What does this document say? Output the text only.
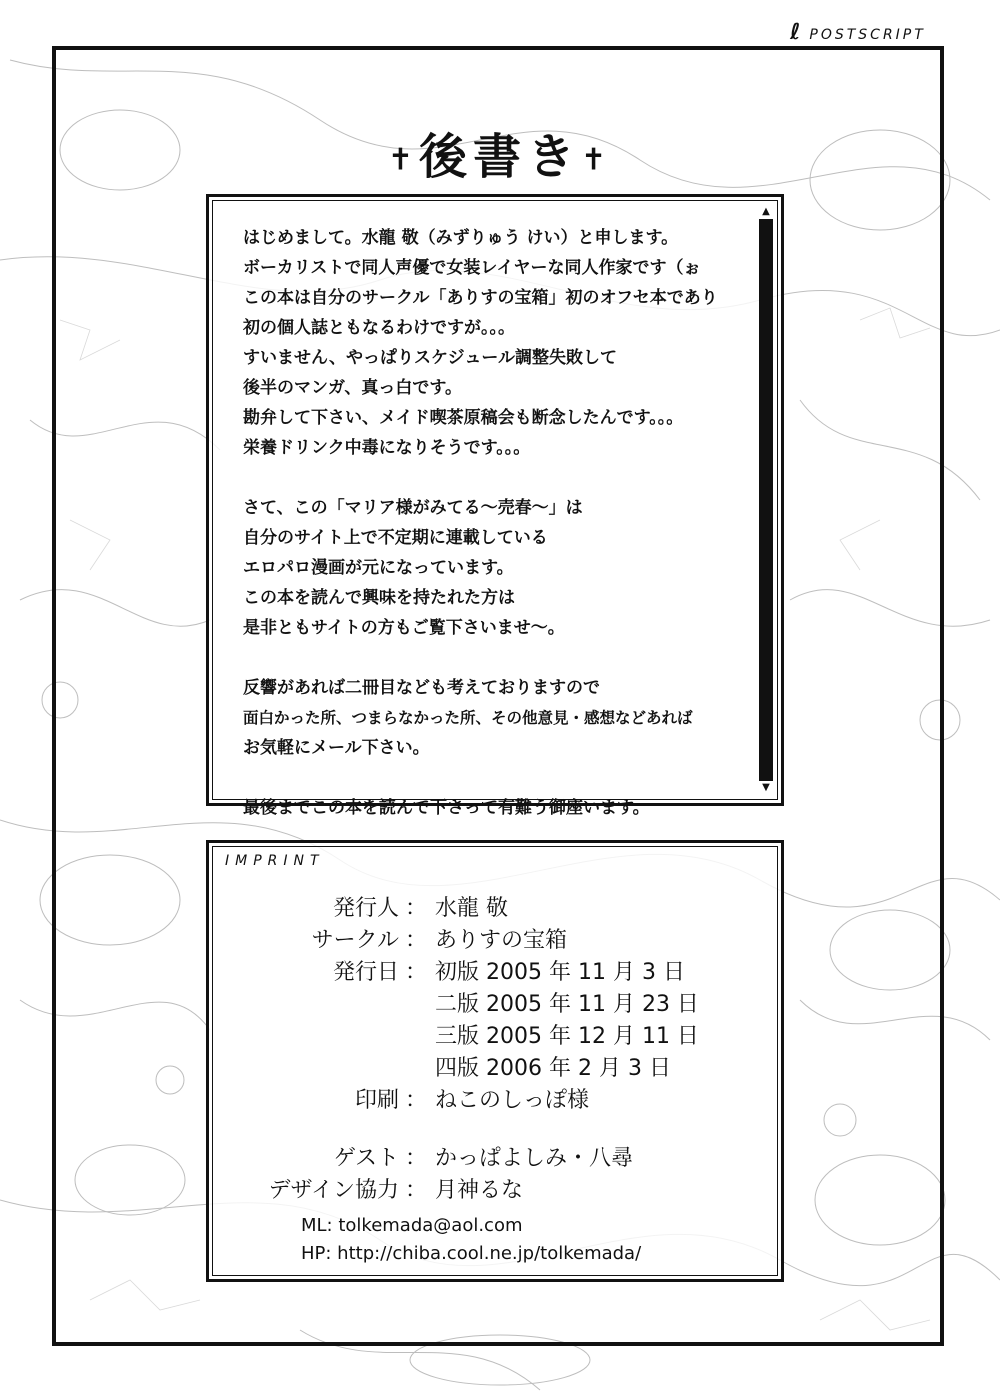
ℓPOSTSCRIPT
✝後書き✝
はじめまして。水龍 敬（みずりゅう けい）と申します。
ボーカリストで同人声優で女装レイヤーな同人作家です（ぉ
この本は自分のサークル「ありすの宝箱」初のオフセ本であり
初の個人誌ともなるわけですが。。。
すいません、やっぱりスケジュール調整失敗して
後半のマンガ、真っ白です。
勘弁して下さい、メイド喫茶原稿会も断念したんです。。。
栄養ドリンク中毒になりそうです。。。
さて、この「マリア様がみてる～売春～」は
自分のサイト上で不定期に連載している
エロパロ漫画が元になっています。
この本を読んで興味を持たれた方は
是非ともサイトの方もご覧下さいませ～。
反響があれば二冊目なども考えておりますので
面白かった所、つまらなかった所、その他意見・感想などあれば
お気軽にメール下さい。
最後までこの本を読んで下さって有難う御座います。
▲
▼
IMPRINT
発行人 ： 水龍 敬
サークル ： ありすの宝箱
発行日 ： 初版 2005 年 11 月 3 日
二版 2005 年 11 月 23 日
三版 2005 年 12 月 11 日
四版 2006 年 2 月 3 日
印刷 ： ねこのしっぽ様
ゲスト ： かっぱよしみ・八尋
デザイン協力 ： 月神るな
ML: tolkemada@aol.com
HP: http://chiba.cool.ne.jp/tolkemada/
